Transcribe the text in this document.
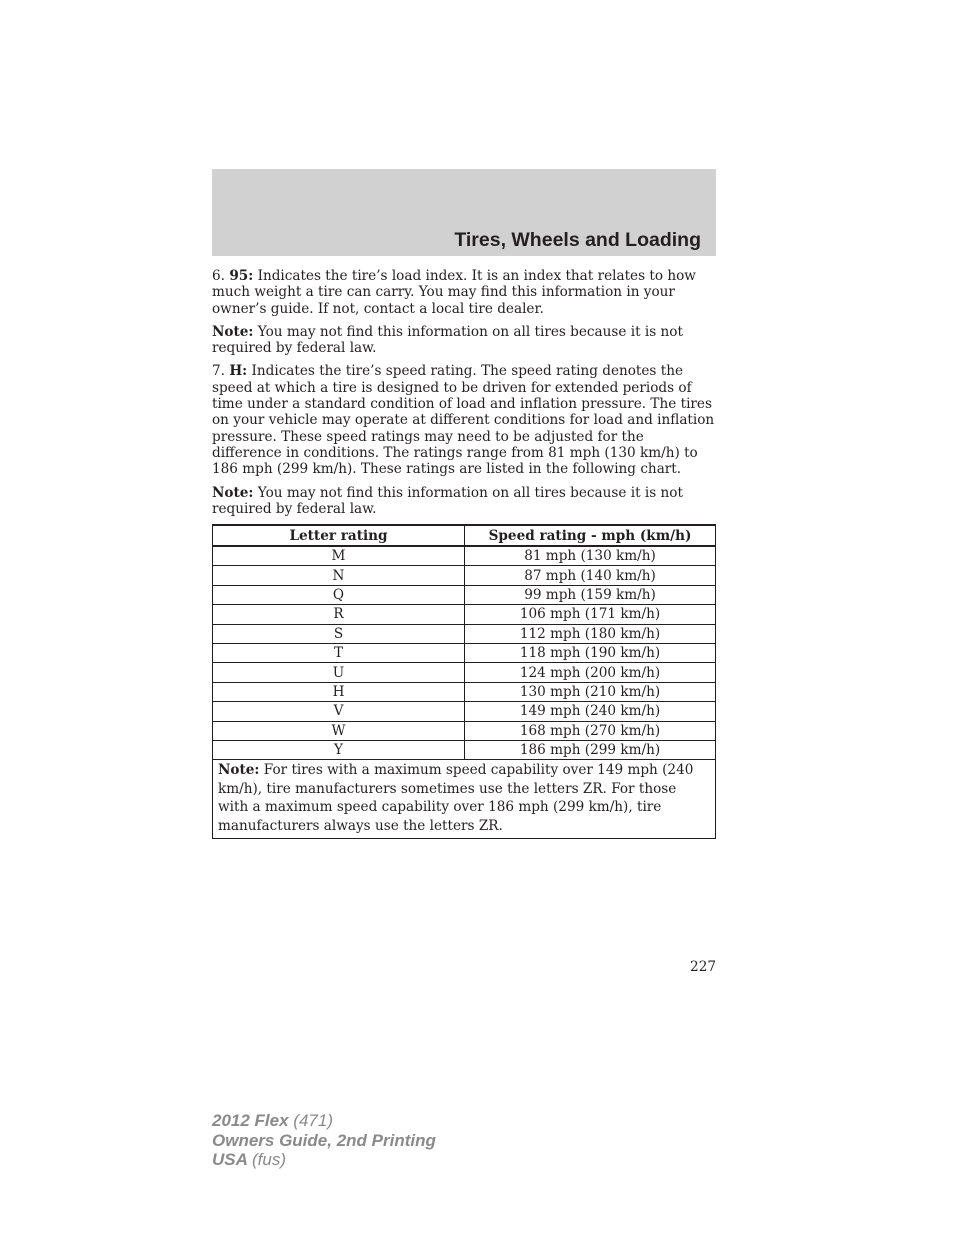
Tires, Wheels and Loading

6. 95: Indicates the tire’s load index. It is an index that relates to how much weight a tire can carry. You may find this information in your owner’s guide. If not, contact a local tire dealer.

Note: You may not find this information on all tires because it is not required by federal law.

7. H: Indicates the tire’s speed rating. The speed rating denotes the speed at which a tire is designed to be driven for extended periods of time under a standard condition of load and inflation pressure. The tires on your vehicle may operate at different conditions for load and inflation pressure. These speed ratings may need to be adjusted for the difference in conditions. The ratings range from 81 mph (130 km/h) to 186 mph (299 km/h). These ratings are listed in the following chart.

Note: You may not find this information on all tires because it is not required by federal law.

Letter rating	Speed rating - mph (km/h)
M	81 mph (130 km/h)
N	87 mph (140 km/h)
Q	99 mph (159 km/h)
R	106 mph (171 km/h)
S	112 mph (180 km/h)
T	118 mph (190 km/h)
U	124 mph (200 km/h)
H	130 mph (210 km/h)
V	149 mph (240 km/h)
W	168 mph (270 km/h)
Y	186 mph (299 km/h)
Note: For tires with a maximum speed capability over 149 mph (240 km/h), tire manufacturers sometimes use the letters ZR. For those with a maximum speed capability over 186 mph (299 km/h), tire manufacturers always use the letters ZR.	
227
2012 Flex (471)
Owners Guide, 2nd Printing
USA (fus)
